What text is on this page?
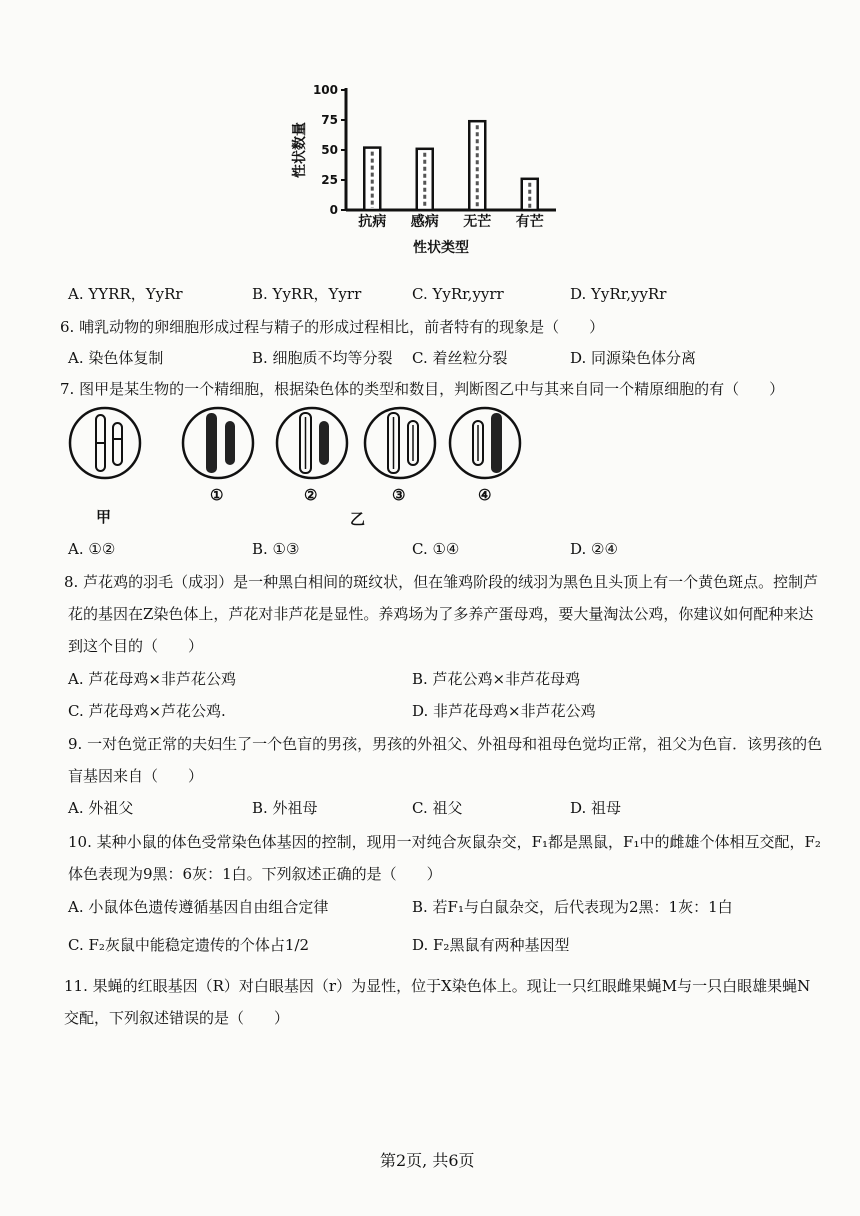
0
25
50
75
100
抗病 感病 无芒 有芒
性状数量
性状类型
A. YYRR，YyRr	B. YyRR，Yyrr	C. YyRr,yyrr	D. YyRr,yyRr
6. 哺乳动物的卵细胞形成过程与精子的形成过程相比，前者特有的现象是（　　）
A. 染色体复制	B. 细胞质不均等分裂 C. 着丝粒分裂	D. 同源染色体分离
7. 图甲是某生物的一个精细胞，根据染色体的类型和数目，判断图乙中与其来自同一个精原细胞的有（　　）
甲
①	②	③	④
乙
A. ①②	B. ①③	C. ①④	D. ②④
8. 芦花鸡的羽毛（成羽）是一种黑白相间的斑纹状，但在雏鸡阶段的绒羽为黑色且头顶上有一个黄色斑点。控制芦
花的基因在Z染色体上，芦花对非芦花是显性。养鸡场为了多养产蛋母鸡，要大量淘汰公鸡，你建议如何配种来达
到这个目的（　　）
A. 芦花母鸡×非芦花公鸡	B. 芦花公鸡×非芦花母鸡
C. 芦花母鸡×芦花公鸡.	D. 非芦花母鸡×非芦花公鸡
9. 一对色觉正常的夫妇生了一个色盲的男孩，男孩的外祖父、外祖母和祖母色觉均正常，祖父为色盲．该男孩的色
盲基因来自（　　）
A. 外祖父	B. 外祖母	C. 祖父	D. 祖母
10. 某种小鼠的体色受常染色体基因的控制，现用一对纯合灰鼠杂交，F₁都是黑鼠，F₁中的雌雄个体相互交配，F₂
体色表现为9黑：6灰：1白。下列叙述正确的是（　　）
A. 小鼠体色遗传遵循基因自由组合定律	B. 若F₁与白鼠杂交，后代表现为2黑：1灰：1白
C. F₂灰鼠中能稳定遗传的个体占1/2	D. F₂黑鼠有两种基因型
11. 果蝇的红眼基因（R）对白眼基因（r）为显性，位于X染色体上。现让一只红眼雌果蝇M与一只白眼雄果蝇N
交配，下列叙述错误的是（　　）
第2页, 共6页
